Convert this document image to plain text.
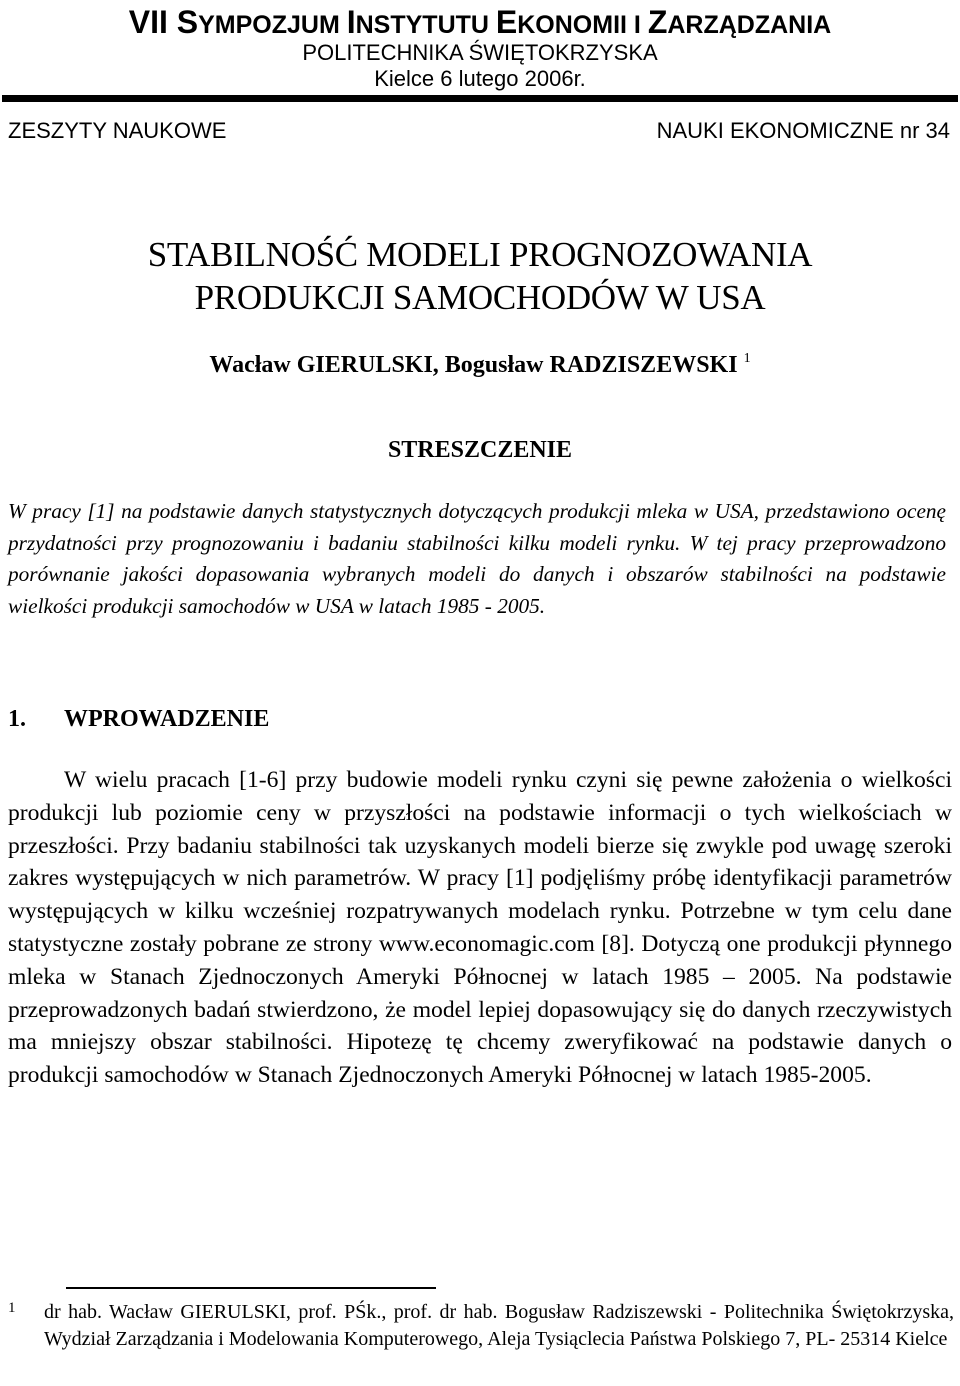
VII SYMPOZJUM INSTYTUTU EKONOMII I ZARZĄDZANIA
POLITECHNIKA ŚWIĘTOKRZYSKA
Kielce 6 lutego 2006r.
ZESZYTY NAUKOWE	NAUKI EKONOMICZNE nr 34
STABILNOŚĆ MODELI PROGNOZOWANIA
PRODUKCJI SAMOCHODÓW W USA
Wacław GIERULSKI, Bogusław RADZISZEWSKI $^1$
STRESZCZENIE

W pracy [1] na podstawie danych statystycznych dotyczących produkcji mleka w USA, przedstawiono ocenę przydatności przy prognozowaniu i badaniu stabilności kilku modeli rynku. W tej pracy przeprowadzono porównanie jakości dopasowania wybranych modeli do danych i obszarów stabilności na podstawie wielkości produkcji samochodów w USA w latach 1985 - 2005.

1. WPROWADZENIE

W wielu pracach [1-6] przy budowie modeli rynku czyni się pewne założenia o wielkości produkcji lub poziomie ceny w przyszłości na podstawie informacji o tych wielkościach w przeszłości. Przy badaniu stabilności tak uzyskanych modeli bierze się zwykle pod uwagę szeroki zakres występujących w nich parametrów. W pracy [1] podjęliśmy próbę identyfikacji parametrów występujących w kilku wcześniej rozpatrywanych modelach rynku. Potrzebne w tym celu dane statystyczne zostały pobrane ze strony www.economagic.com [8]. Dotyczą one produkcji płynnego mleka w Stanach Zjednoczonych Ameryki Północnej w latach 1985 – 2005. Na podstawie przeprowadzonych badań stwierdzono, że model lepiej dopasowujący się do danych rzeczywistych ma mniejszy obszar stabilności. Hipotezę tę chcemy zweryfikować na podstawie danych o produkcji samochodów w Stanach Zjednoczonych Ameryki Północnej w latach 1985-2005.

1 dr hab. Wacław GIERULSKI, prof. PŚk., prof. dr hab. Bogusław Radziszewski - Politechnika Świętokrzyska, Wydział Zarządzania i Modelowania Komputerowego, Aleja Tysiąclecia Państwa Polskiego 7, PL- 25314 Kielce
